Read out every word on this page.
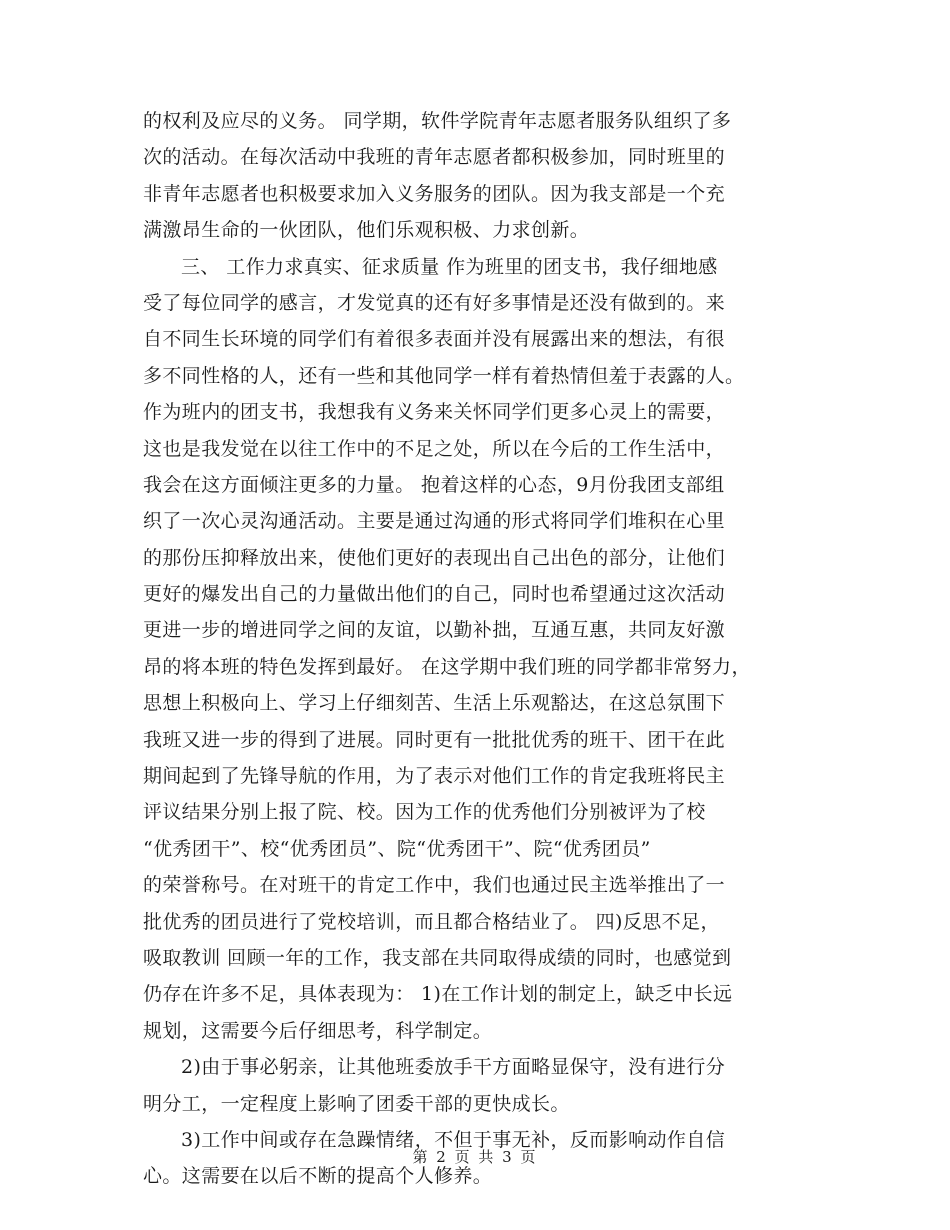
的权利及应尽的义务。 同学期，软件学院青年志愿者服务队组织了多
次的活动。在每次活动中我班的青年志愿者都积极参加，同时班里的
非青年志愿者也积极要求加入义务服务的团队。因为我支部是一个充
满激昂生命的一伙团队，他们乐观积极、力求创新。
三、 工作力求真实、征求质量 作为班里的团支书，我仔细地感
受了每位同学的感言，才发觉真的还有好多事情是还没有做到的。来
自不同生长环境的同学们有着很多表面并没有展露出来的想法，有很
多不同性格的人，还有一些和其他同学一样有着热情但羞于表露的人。
作为班内的团支书，我想我有义务来关怀同学们更多心灵上的需要，
这也是我发觉在以往工作中的不足之处，所以在今后的工作生活中，
我会在这方面倾注更多的力量。 抱着这样的心态，9月份我团支部组
织了一次心灵沟通活动。主要是通过沟通的形式将同学们堆积在心里
的那份压抑释放出来，使他们更好的表现出自己出色的部分，让他们
更好的爆发出自己的力量做出他们的自己，同时也希望通过这次活动
更进一步的增进同学之间的友谊，以勤补拙，互通互惠，共同友好激
昂的将本班的特色发挥到最好。 在这学期中我们班的同学都非常努力，
思想上积极向上、学习上仔细刻苦、生活上乐观豁达，在这总氛围下
我班又进一步的得到了进展。同时更有一批批优秀的班干、团干在此
期间起到了先锋导航的作用，为了表示对他们工作的肯定我班将民主
评议结果分别上报了院、校。因为工作的优秀他们分别被评为了校
“优秀团干”、校“优秀团员”、院“优秀团干”、院“优秀团员”
的荣誉称号。在对班干的肯定工作中，我们也通过民主选举推出了一
批优秀的团员进行了党校培训，而且都合格结业了。 四)反思不足，
吸取教训 回顾一年的工作，我支部在共同取得成绩的同时，也感觉到
仍存在许多不足，具体表现为： 1)在工作计划的制定上，缺乏中长远
规划，这需要今后仔细思考，科学制定。
2)由于事必躬亲，让其他班委放手干方面略显保守，没有进行分
明分工，一定程度上影响了团委干部的更快成长。
3)工作中间或存在急躁情绪，不但于事无补，反而影响动作自信
心。这需要在以后不断的提高个人修养。
第 2 页 共 3 页
